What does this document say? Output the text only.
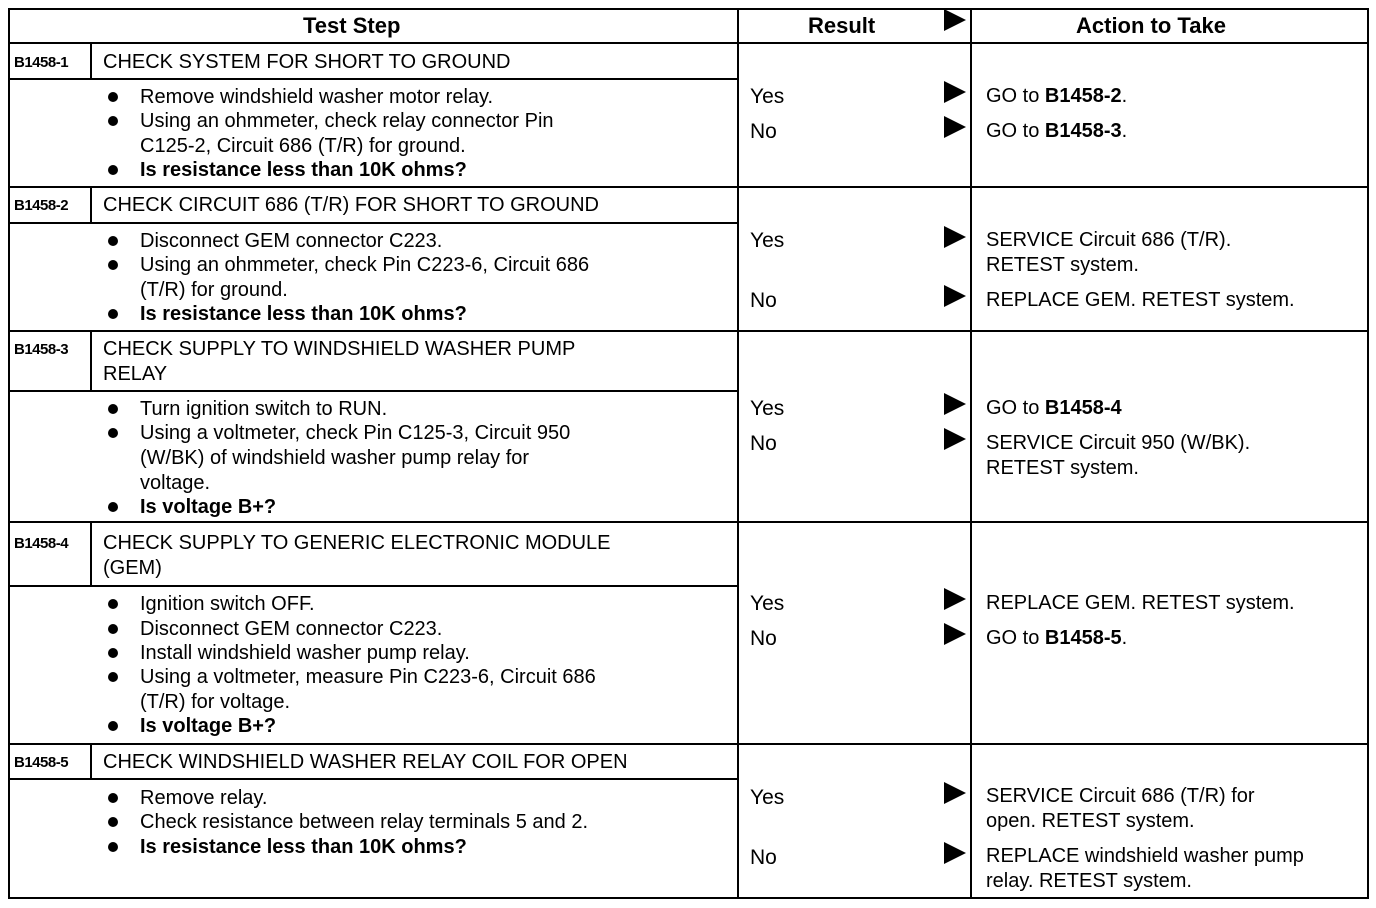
Test Step	Result	Action to Take
B1458-1 CHECK SYSTEM FOR SHORT TO GROUND
Remove windshield washer motor relay.
Using an ohmmeter, check relay connector Pin
C125-2, Circuit 686 (T/R) for ground.
Is resistance less than 10K ohms?
Yes	GO to B1458-2.
No	GO to B1458-3.
B1458-2 CHECK CIRCUIT 686 (T/R) FOR SHORT TO GROUND
Disconnect GEM connector C223.
Using an ohmmeter, check Pin C223-6, Circuit 686
(T/R) for ground.
Is resistance less than 10K ohms?
Yes	SERVICE Circuit 686 (T/R).
RETEST system.
No	REPLACE GEM. RETEST system.
B1458-3 CHECK SUPPLY TO WINDSHIELD WASHER PUMP
RELAY
Turn ignition switch to RUN.
Using a voltmeter, check Pin C125-3, Circuit 950
(W/BK) of windshield washer pump relay for
voltage.
Is voltage B+?
Yes	GO to B1458-4
No	SERVICE Circuit 950 (W/BK).
RETEST system.
B1458-4 CHECK SUPPLY TO GENERIC ELECTRONIC MODULE
(GEM)
Ignition switch OFF.
Disconnect GEM connector C223.
Install windshield washer pump relay.
Using a voltmeter, measure Pin C223-6, Circuit 686
(T/R) for voltage.
Is voltage B+?
Yes	REPLACE GEM. RETEST system.
No	GO to B1458-5.
B1458-5 CHECK WINDSHIELD WASHER RELAY COIL FOR OPEN
Remove relay.
Check resistance between relay terminals 5 and 2.
Is resistance less than 10K ohms?
Yes	SERVICE Circuit 686 (T/R) for
open. RETEST system.
No	REPLACE windshield washer pump
relay. RETEST system.
